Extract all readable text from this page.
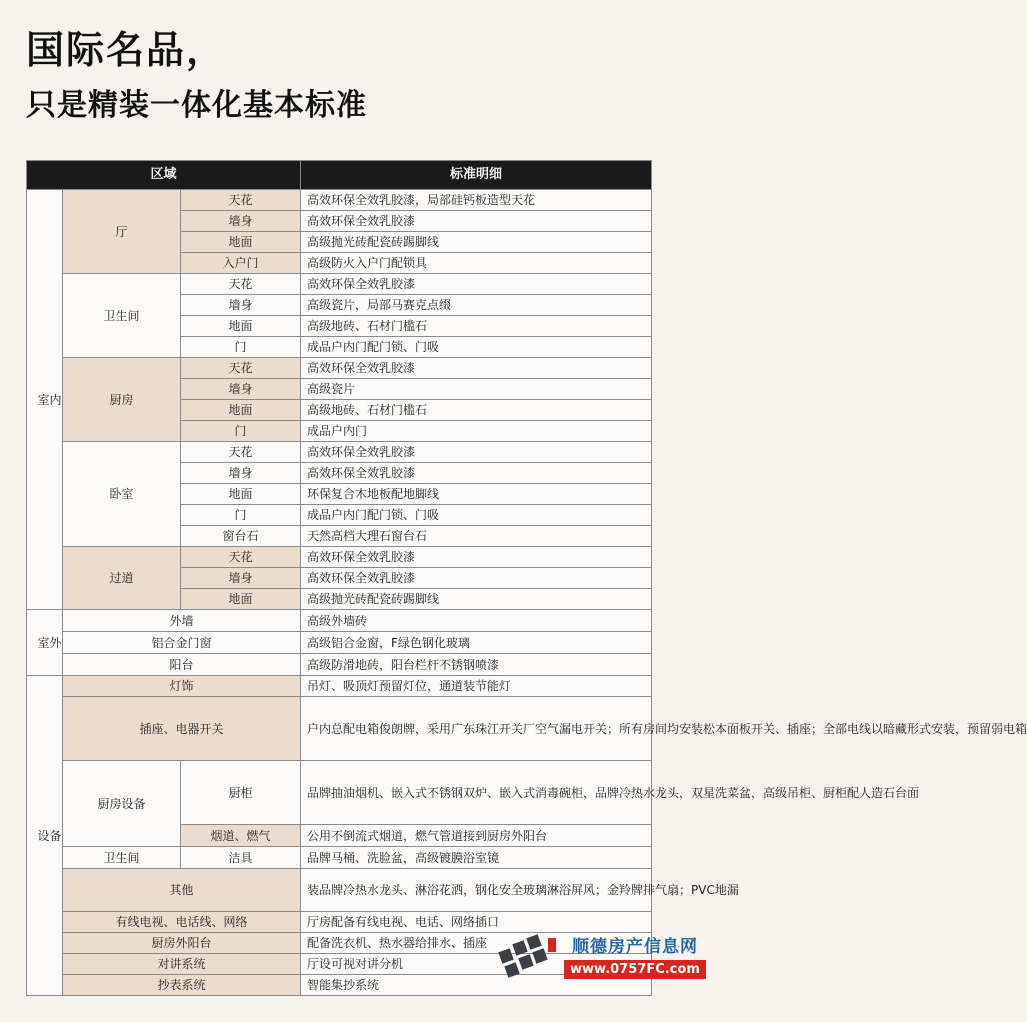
国际名品，
只是精装一体化基本标准
区域			标准明细

室内	厅	天花	高效环保全效乳胶漆，局部硅钙板造型天花
		墙身	高效环保全效乳胶漆
		地面	高级抛光砖配瓷砖踢脚线
		入户门	高级防火入户门配锁具
	卫生间	天花	高效环保全效乳胶漆
		墙身	高级瓷片，局部马赛克点缀
		地面	高级地砖、石材门槛石
		门	成品户内门配门锁、门吸
	厨房	天花	高效环保全效乳胶漆
		墙身	高级瓷片
		地面	高级地砖、石材门槛石
		门	成品户内门
	卧室	天花	高效环保全效乳胶漆
		墙身	高效环保全效乳胶漆
		地面	环保复合木地板配地脚线
		门	成品户内门配门锁、门吸
		窗台石	天然高档大理石窗台石
	过道	天花	高效环保全效乳胶漆
		墙身	高效环保全效乳胶漆
		地面	高级抛光砖配瓷砖踢脚线

室外	外墙		高级外墙砖
	铝合金门窗		高级铝合金窗，F绿色钢化玻璃
	阳台		高级防滑地砖，阳台栏杆不锈钢喷漆

设备	灯饰		吊灯、吸顶灯预留灯位，通道装节能灯
	插座、电器开关		户内总配电箱俊朗牌，采用广东珠江开关厂空气漏电开关；所有房间均安装松本面板开关、插座；全部电线以暗藏形式安装，预留弱电箱
	厨房设备	厨柜	品牌抽油烟机、嵌入式不锈钢双炉、嵌入式消毒碗柜，品牌冷热水龙头，双星洗菜盆，高级吊柜、厨柜配人造石台面
		烟道、燃气	公用不倒流式烟道，燃气管道接到厨房外阳台
	卫生间	洁具	品牌马桶、洗脸盆，高级镀膜浴室镜
	其他		装品牌冷热水龙头、淋浴花洒，钢化安全玻璃淋浴屏风；金羚牌排气扇；PVC地漏
	有线电视、电话线、网络		厅房配备有线电视、电话、网络插口
	厨房外阳台		配备洗衣机、热水器给排水、插座
	对讲系统		厅设可视对讲分机
	抄表系统		智能集抄系统
顺德房产信息网
www.0757FC.com
